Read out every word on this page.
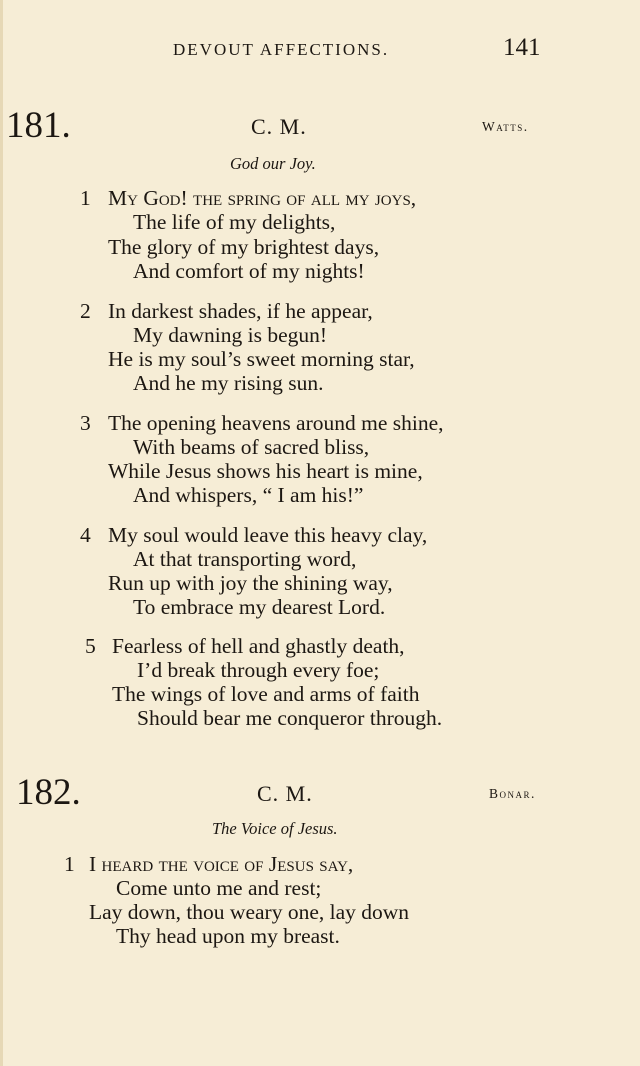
DEVOUT AFFECTIONS.	141
181.	C. M.	Watts.
God our Joy.
1 My God! the spring of all my joys,
The life of my delights,
The glory of my brightest days,
And comfort of my nights!
2 In darkest shades, if he appear,
My dawning is begun!
He is my soul’s sweet morning star,
And he my rising sun.
3 The opening heavens around me shine,
With beams of sacred bliss,
While Jesus shows his heart is mine,
And whispers, “ I am his!”
4 My soul would leave this heavy clay,
At that transporting word,
Run up with joy the shining way,
To embrace my dearest Lord.
5 Fearless of hell and ghastly death,
I’d break through every foe;
The wings of love and arms of faith
Should bear me conqueror through.
182.	C. M.	Bonar.
The Voice of Jesus.
1 I heard the voice of Jesus say,
Come unto me and rest;
Lay down, thou weary one, lay down
Thy head upon my breast.
